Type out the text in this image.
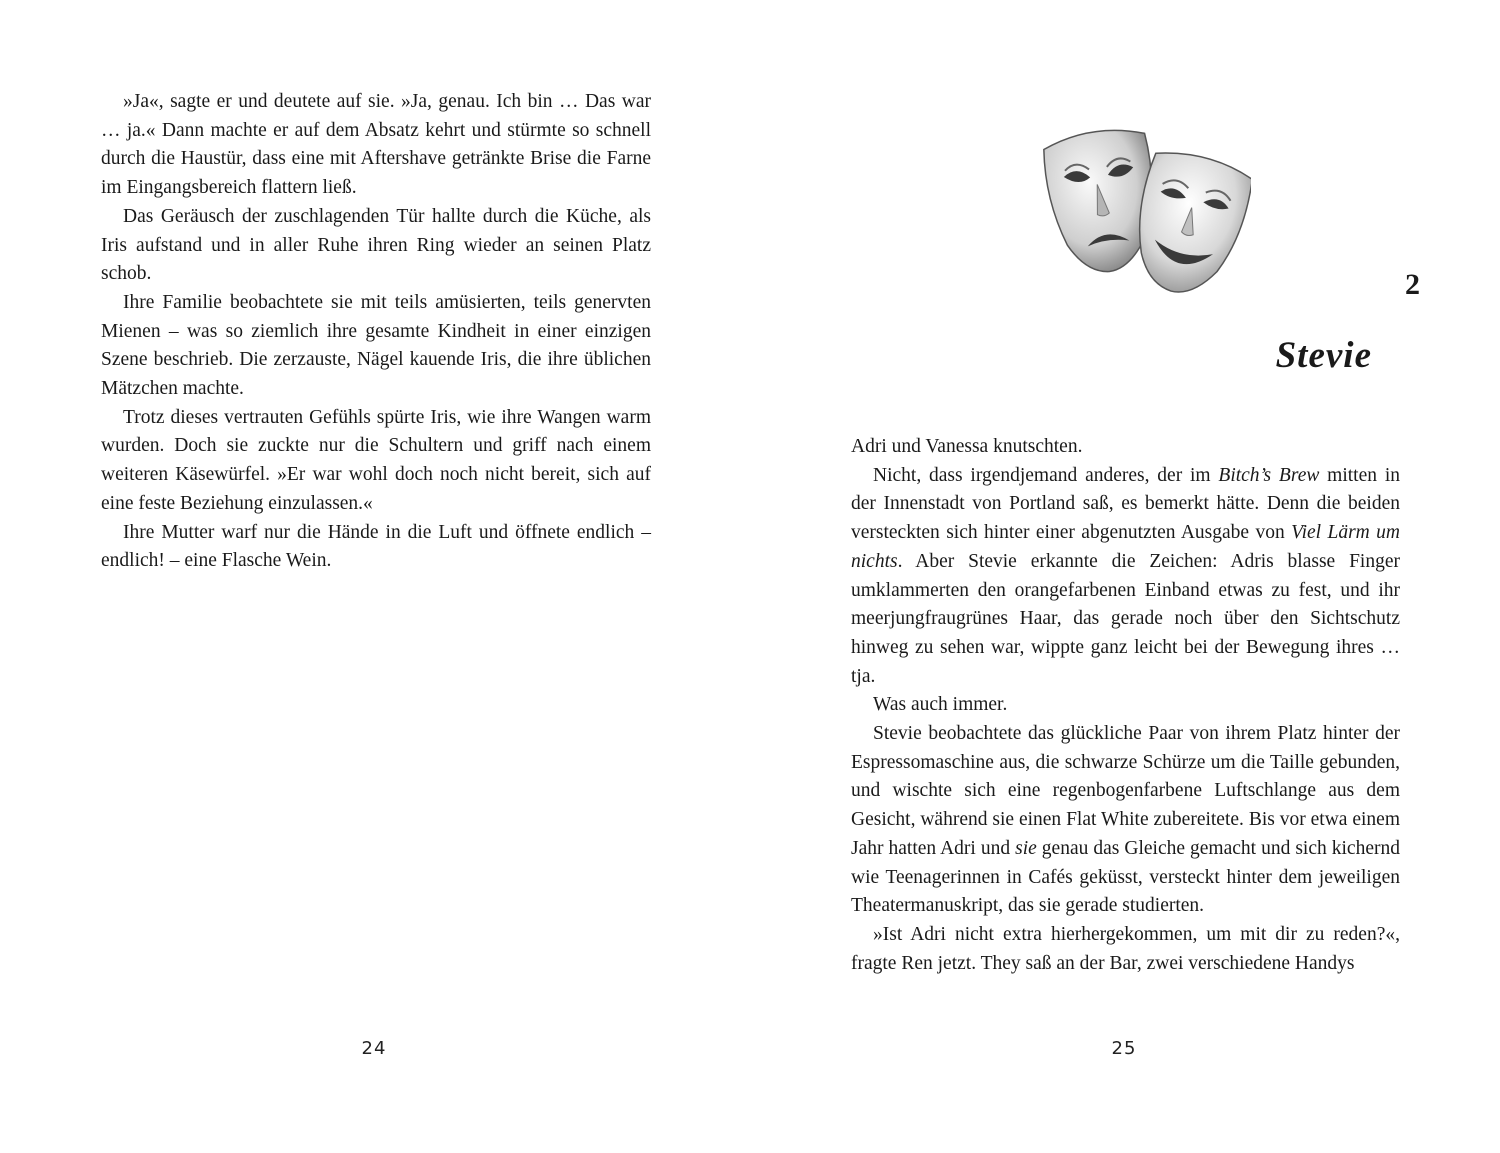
»Ja«, sagte er und deutete auf sie. »Ja, genau. Ich bin … Das war … ja.« Dann machte er auf dem Absatz kehrt und stürmte so schnell durch die Haustür, dass eine mit Aftershave getränkte Brise die Farne im Eingangsbereich flattern ließ.

Das Geräusch der zuschlagenden Tür hallte durch die Küche, als Iris aufstand und in aller Ruhe ihren Ring wieder an seinen Platz schob.

Ihre Familie beobachtete sie mit teils amüsierten, teils genervten Mienen – was so ziemlich ihre gesamte Kindheit in einer einzigen Szene beschrieb. Die zerzauste, Nägel kauende Iris, die ihre üblichen Mätzchen machte.

Trotz dieses vertrauten Gefühls spürte Iris, wie ihre Wangen warm wurden. Doch sie zuckte nur die Schultern und griff nach einem weiteren Käsewürfel. »Er war wohl doch noch nicht bereit, sich auf eine feste Beziehung einzulassen.«

Ihre Mutter warf nur die Hände in die Luft und öffnete endlich – endlich! – eine Flasche Wein.

24
2
Stevie

Adri und Vanessa knutschten.

Nicht, dass irgendjemand anderes, der im Bitch’s Brew mitten in der Innenstadt von Portland saß, es bemerkt hätte. Denn die beiden versteckten sich hinter einer abgenutzten Ausgabe von Viel Lärm um nichts. Aber Stevie erkannte die Zeichen: Adris blasse Finger umklammerten den orangefarbenen Einband etwas zu fest, und ihr meerjungfraugrünes Haar, das gerade noch über den Sichtschutz hinweg zu sehen war, wippte ganz leicht bei der Bewegung ihres … tja.

Was auch immer.

Stevie beobachtete das glückliche Paar von ihrem Platz hinter der Espressomaschine aus, die schwarze Schürze um die Taille gebunden, und wischte sich eine regenbogenfarbene Luftschlange aus dem Gesicht, während sie einen Flat White zubereitete. Bis vor etwa einem Jahr hatten Adri und sie genau das Gleiche gemacht und sich kichernd wie Teenagerinnen in Cafés geküsst, versteckt hinter dem jeweiligen Theatermanuskript, das sie gerade studierten.

»Ist Adri nicht extra hierhergekommen, um mit dir zu reden?«, fragte Ren jetzt. They saß an der Bar, zwei verschiedene Handys

25
